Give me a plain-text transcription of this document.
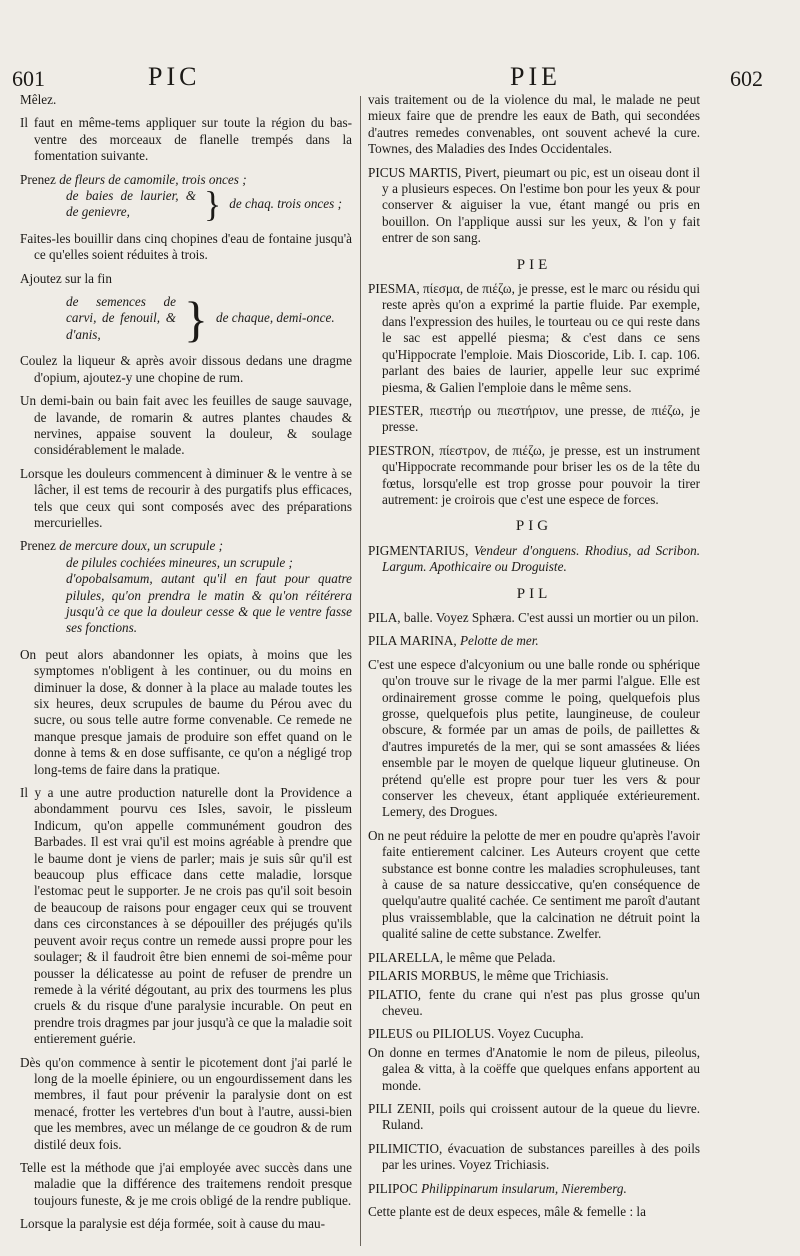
601	PIC	PIE	602

Mêlez.

Il faut en même-tems appliquer sur toute la région du bas-ventre des morceaux de flanelle trempés dans la fomentation suivante.

Prenez de fleurs de camomile, trois onces ;
de baies de laurier, & de genievre,	} de chaq. trois onces ;

Faites-les bouillir dans cinq chopines d'eau de fontaine jusqu'à ce qu'elles soient réduites à trois.

Ajoutez sur la fin

de semences de carvi, de fenouil, & d'anis,	} de chaque, demi-once.

Coulez la liqueur & après avoir dissous dedans une dragme d'opium, ajoutez-y une chopine de rum.

Un demi-bain ou bain fait avec les feuilles de sauge sauvage, de lavande, de romarin & autres plantes chaudes & nervines, appaise souvent la douleur, & soulage considérablement le malade.

Lorsque les douleurs commencent à diminuer & le ventre à se lâcher, il est tems de recourir à des purgatifs plus efficaces, tels que ceux qui sont composés avec des préparations mercurielles.

Prenez de mercure doux, un scrupule ;
de pilules cochiées mineures, un scrupule ;
d'opobalsamum, autant qu'il en faut pour quatre pilules, qu'on prendra le matin & qu'on réitérera jusqu'à ce que la douleur cesse & que le ventre fasse ses fonctions.

On peut alors abandonner les opiats, à moins que les symptomes n'obligent à les continuer, ou du moins en diminuer la dose, & donner à la place au malade toutes les six heures, deux scrupules de baume du Pérou avec du sucre, ou sous telle autre forme convenable. Ce remede ne manque presque jamais de produire son effet quand on le donne à tems & en dose suffisante, ce qu'on a négligé trop long-tems de faire dans la pratique.

Il y a une autre production naturelle dont la Providence a abondamment pourvu ces Isles, savoir, le pissleum Indicum, qu'on appelle communément goudron des Barbades. Il est vrai qu'il est moins agréable à prendre que le baume dont je viens de parler; mais je suis sûr qu'il est beaucoup plus efficace dans cette maladie, lorsque l'estomac peut le supporter. Je ne crois pas qu'il soit besoin de beaucoup de raisons pour engager ceux qui se trouvent dans ces circonstances à se dépouiller des préjugés qu'ils peuvent avoir reçus contre un remede aussi propre pour les soulager; & il faudroit être bien ennemi de soi-même pour pousser la délicatesse au point de refuser de prendre un remede à la vérité dégoutant, au prix des tourmens les plus cruels & du risque d'une paralysie incurable. On peut en prendre trois dragmes par jour jusqu'à ce que la maladie soit entierement guérie.

Dès qu'on commence à sentir le picotement dont j'ai parlé le long de la moelle épiniere, ou un engourdissement dans les membres, il faut pour prévenir la paralysie dont on est menacé, frotter les vertebres d'un bout à l'autre, aussi-bien que les membres, avec un mélange de ce goudron & de rum distilé deux fois.

Telle est la méthode que j'ai employée avec succès dans une maladie que la différence des traitemens rendoit presque toujours funeste, & je me crois obligé de la rendre publique.

Lorsque la paralysie est déja formée, soit à cause du mau-

vais traitement ou de la violence du mal, le malade ne peut mieux faire que de prendre les eaux de Bath, qui secondées d'autres remedes convenables, ont souvent achevé la cure. Townes, des Maladies des Indes Occidentales.

PICUS MARTIS, Pivert, pieumart ou pic, est un oiseau dont il y a plusieurs especes. On l'estime bon pour les yeux & pour conserver & aiguiser la vue, étant mangé ou pris en bouillon. On l'applique aussi sur les yeux, & l'on y fait entrer de son sang.

PIE

PIESMA, πίεσμα, de πιέζω, je presse, est le marc ou résidu qui reste après qu'on a exprimé la partie fluide. Par exemple, dans l'expression des huiles, le tourteau ou ce qui reste dans le sac est appellé piesma; & c'est dans ce sens qu'Hippocrate l'emploie. Mais Dioscoride, Lib. I. cap. 106. parlant des baies de laurier, appelle leur suc exprimé piesma, & Galien l'emploie dans le même sens.

PIESTER, πιεστήρ ou πιεστήριον, une presse, de πιέζω, je presse.

PIESTRON, πίεστρον, de πιέζω, je presse, est un instrument qu'Hippocrate recommande pour briser les os de la tête du fœtus, lorsqu'elle est trop grosse pour pouvoir la tirer autrement: je croirois que c'est une espece de forces.

PIG

PIGMENTARIUS, Vendeur d'onguens. Rhodius, ad Scribon. Largum. Apothicaire ou Droguiste.

PIL

PILA, balle. Voyez Sphæra. C'est aussi un mortier ou un pilon.

PILA MARINA, Pelotte de mer.

C'est une espece d'alcyonium ou une balle ronde ou sphérique qu'on trouve sur le rivage de la mer parmi l'algue. Elle est ordinairement grosse comme le poing, quelquefois plus grosse, quelquefois plus petite, laungineuse, de couleur obscure, & formée par un amas de poils, de paillettes & d'autres impuretés de la mer, qui se sont amassées & liées ensemble par le moyen de quelque liqueur glutineuse. On prétend qu'elle est propre pour tuer les vers & pour conserver les cheveux, étant appliquée extérieurement. Lemery, des Drogues.

On ne peut réduire la pelotte de mer en poudre qu'après l'avoir faite entierement calciner. Les Auteurs croyent que cette substance est bonne contre les maladies scrophuleuses, tant à cause de sa nature dessiccative, qu'en conséquence de quelqu'autre qualité cachée. Ce sentiment me paroît d'autant plus vraissemblable, que la calcination ne détruit point la qualité saline de cette substance. Zwelfer.

PILARELLA, le même que Pelada.

PILARIS MORBUS, le même que Trichiasis.

PILATIO, fente du crane qui n'est pas plus grosse qu'un cheveu.

PILEUS ou PILIOLUS. Voyez Cucupha.

On donne en termes d'Anatomie le nom de pileus, pileolus, galea & vitta, à la coëffe que quelques enfans apportent au monde.

PILI ZENII, poils qui croissent autour de la queue du lievre. Ruland.

PILIMICTIO, évacuation de substances pareilles à des poils par les urines. Voyez Trichiasis.

PILIPOC Philippinarum insularum, Nieremberg.

Cette plante est de deux especes, mâle & femelle : la
